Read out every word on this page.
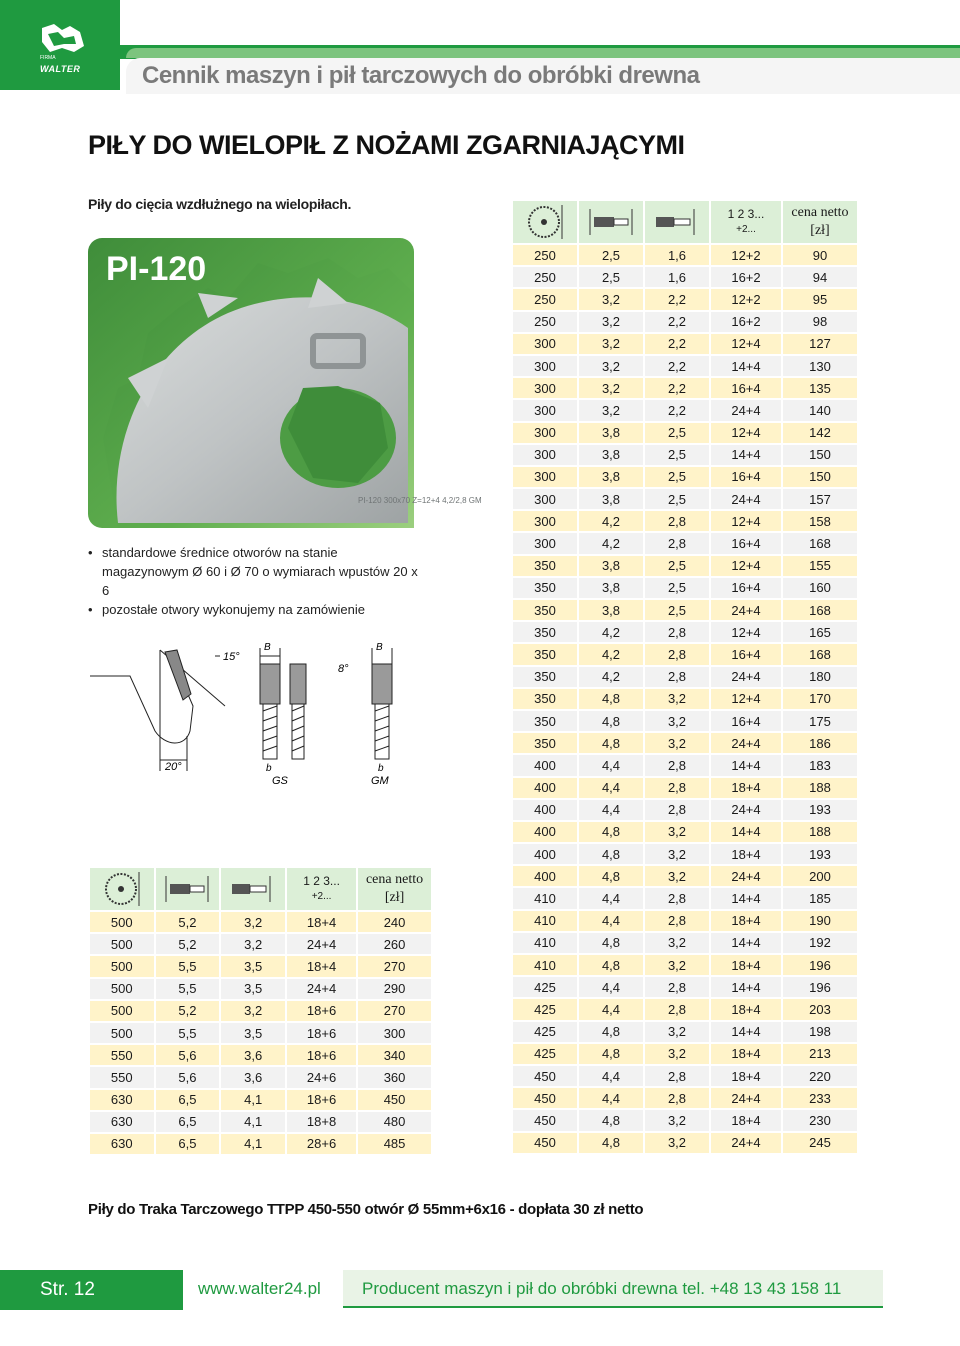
FIRMA
WALTER	Cennik maszyn i pił tarczowych do obróbki drewna
PIŁY DO WIELOPIŁ Z NOŻAMI ZGARNIAJĄCYMI
Piły do cięcia wzdłużnego na wielopiłach.
PI-120 300x70 Z=12+4 4,2/2,8 GM
PI-120
• standardowe średnice otworów na stanie magazynowym Ø 60 i Ø 70 o wymiarach wpustów 20 x 6
• pozostałe otwory wykonujemy na zamówienie
15°
20°
B
b
GS
8°
B
b
GM

1 2 3...
+2...	cena netto
[zł]
250	2,5	1,6	12+2	90
250	2,5	1,6	16+2	94
250	3,2	2,2	12+2	95
250	3,2	2,2	16+2	98
300	3,2	2,2	12+4	127
300	3,2	2,2	14+4	130
300	3,2	2,2	16+4	135
300	3,2	2,2	24+4	140
300	3,8	2,5	12+4	142
300	3,8	2,5	14+4	150
300	3,8	2,5	16+4	150
300	3,8	2,5	24+4	157
300	4,2	2,8	12+4	158
300	4,2	2,8	16+4	168
350	3,8	2,5	12+4	155
350	3,8	2,5	16+4	160
350	3,8	2,5	24+4	168
350	4,2	2,8	12+4	165
350	4,2	2,8	16+4	168
350	4,2	2,8	24+4	180
350	4,8	3,2	12+4	170
350	4,8	3,2	16+4	175
350	4,8	3,2	24+4	186
400	4,4	2,8	14+4	183
400	4,4	2,8	18+4	188
400	4,4	2,8	24+4	193
400	4,8	3,2	14+4	188
400	4,8	3,2	18+4	193
400	4,8	3,2	24+4	200
410	4,4	2,8	14+4	185
410	4,4	2,8	18+4	190
410	4,8	3,2	14+4	192
410	4,8	3,2	18+4	196
425	4,4	2,8	14+4	196
425	4,4	2,8	18+4	203
425	4,8	3,2	14+4	198
425	4,8	3,2	18+4	213
450	4,4	2,8	18+4	220
450	4,4	2,8	24+4	233
450	4,8	3,2	18+4	230
450	4,8	3,2	24+4	245

1 2 3...
+2...	cena netto
[zł]
500	5,2	3,2	18+4	240
500	5,2	3,2	24+4	260
500	5,5	3,5	18+4	270
500	5,5	3,5	24+4	290
500	5,2	3,2	18+6	270
500	5,5	3,5	18+6	300
550	5,6	3,6	18+6	340
550	5,6	3,6	24+6	360
630	6,5	4,1	18+6	450
630	6,5	4,1	18+8	480
630	6,5	4,1	28+6	485
Piły do Traka Tarczowego TTPP 450-550 otwór Ø 55mm+6x16 - dopłata 30 zł netto
Str. 12	www.walter24.pl Producent maszyn i pił do obróbki drewna tel. +48 13 43 158 11
